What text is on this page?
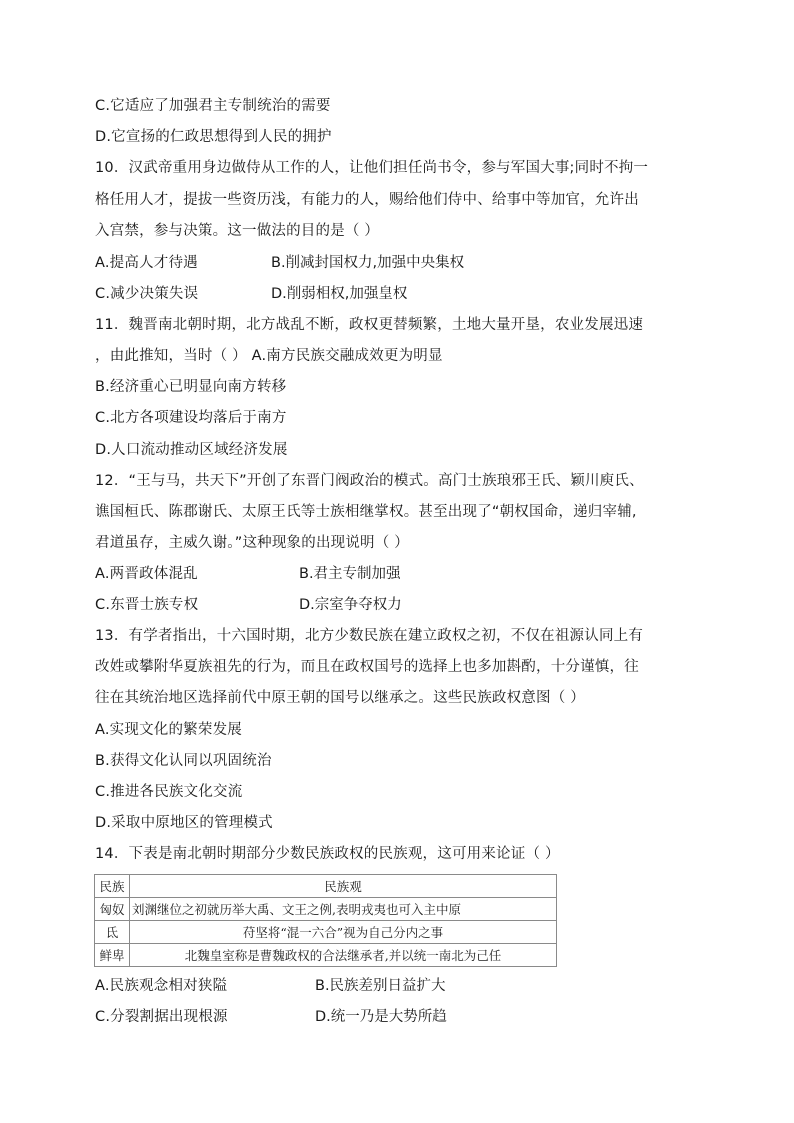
C.它适应了加强君主专制统治的需要
D.它宣扬的仁政思想得到人民的拥护
10．汉武帝重用身边做侍从工作的人，让他们担任尚书令，参与军国大事;同时不拘一
格任用人才，提拔一些资历浅，有能力的人，赐给他们侍中、给事中等加官，允许出
入宫禁，参与决策。这一做法的目的是（ ）
A.提高人才待遇	B.削减封国权力,加强中央集权
C.减少决策失误	D.削弱相权,加强皇权
11．魏晋南北朝时期，北方战乱不断，政权更替频繁，土地大量开垦，农业发展迅速
，由此推知，当时（ ） A.南方民族交融成效更为明显
B.经济重心已明显向南方转移
C.北方各项建设均落后于南方
D.人口流动推动区域经济发展
12．“王与马，共天下”开创了东晋门阀政治的模式。高门士族琅邪王氏、颖川庾氏、
谯国桓氏、陈郡谢氏、太原王氏等士族相继掌权。甚至出现了“朝权国命，递归宰辅,
君道虽存，主威久谢。”这种现象的出现说明（ ）
A.两晋政体混乱	B.君主专制加强
C.东晋士族专权	D.宗室争夺权力
13．有学者指出，十六国时期，北方少数民族在建立政权之初，不仅在祖源认同上有
改姓或攀附华夏族祖先的行为，而且在政权国号的选择上也多加斟酌，十分谨慎，往
往在其统治地区选择前代中原王朝的国号以继承之。这些民族政权意图（ ）
A.实现文化的繁荣发展
B.获得文化认同以巩固统治
C.推进各民族文化交流
D.采取中原地区的管理模式
14．下表是南北朝时期部分少数民族政权的民族观，这可用来论证（ ）
民族	民族观
匈奴	刘渊继位之初就历举大禹、文王之例,表明戎夷也可入主中原
氐	苻坚将“混一六合”视为自己分内之事
鲜卑	北魏皇室称是曹魏政权的合法继承者,并以统一南北为己任
A.民族观念相对狭隘	B.民族差别日益扩大
C.分裂割据出现根源	D.统一乃是大势所趋
